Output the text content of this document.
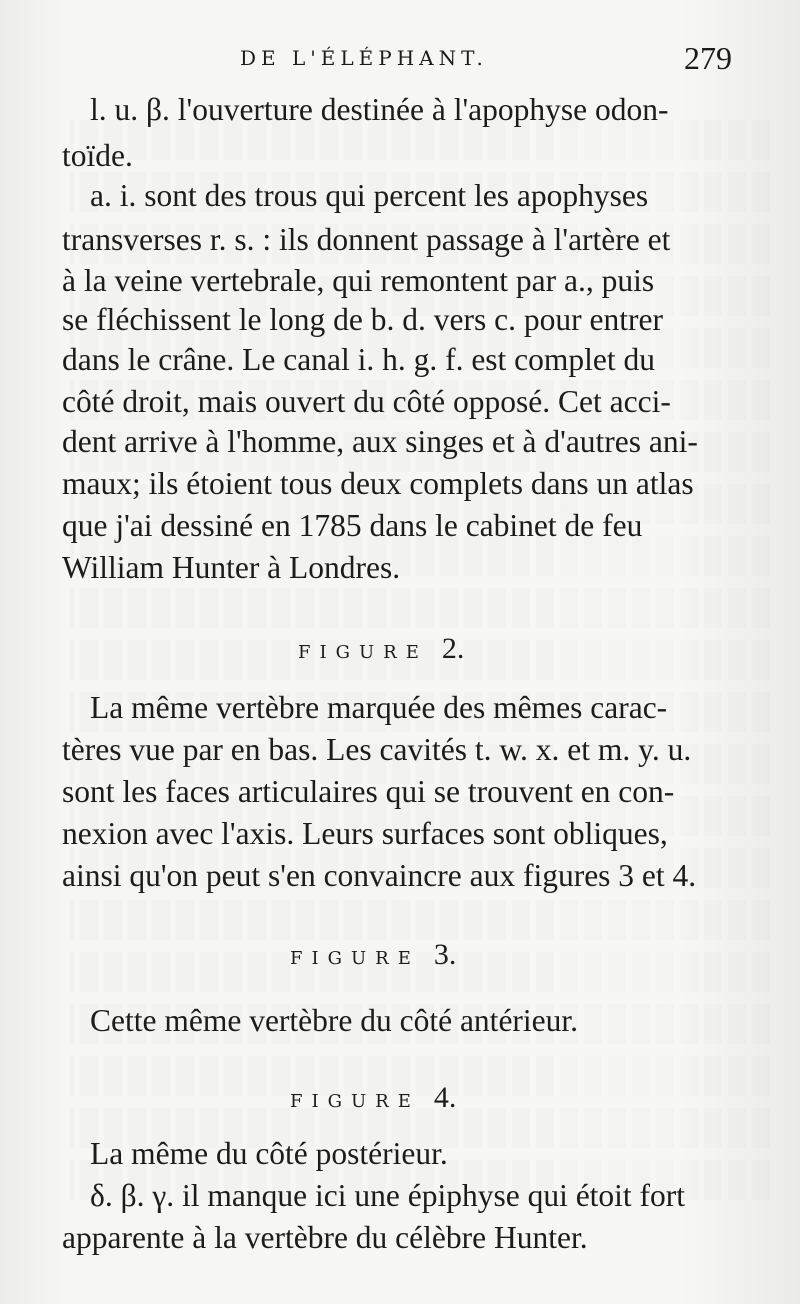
DE L'ÉLÉPHANT.	279
l. u. β. l'ouverture destinée à l'apophyse odon-
toïde.
a. i. sont des trous qui percent les apophyses
transverses r. s. : ils donnent passage à l'artère et
à la veine vertebrale, qui remontent par a., puis
se fléchissent le long de b. d. vers c. pour entrer
dans le crâne. Le canal i. h. g. f. est complet du
côté droit, mais ouvert du côté opposé. Cet acci-
dent arrive à l'homme, aux singes et à d'autres ani-
maux; ils étoient tous deux complets dans un atlas
que j'ai dessiné en 1785 dans le cabinet de feu
William Hunter à Londres.
FIGURE 2.
La même vertèbre marquée des mêmes carac-
tères vue par en bas. Les cavités t. w. x. et m. y. u.
sont les faces articulaires qui se trouvent en con-
nexion avec l'axis. Leurs surfaces sont obliques,
ainsi qu'on peut s'en convaincre aux figures 3 et 4.
FIGURE 3.
Cette même vertèbre du côté antérieur.
FIGURE 4.
La même du côté postérieur.
δ. β. γ. il manque ici une épiphyse qui étoit fort
apparente à la vertèbre du célèbre Hunter.
